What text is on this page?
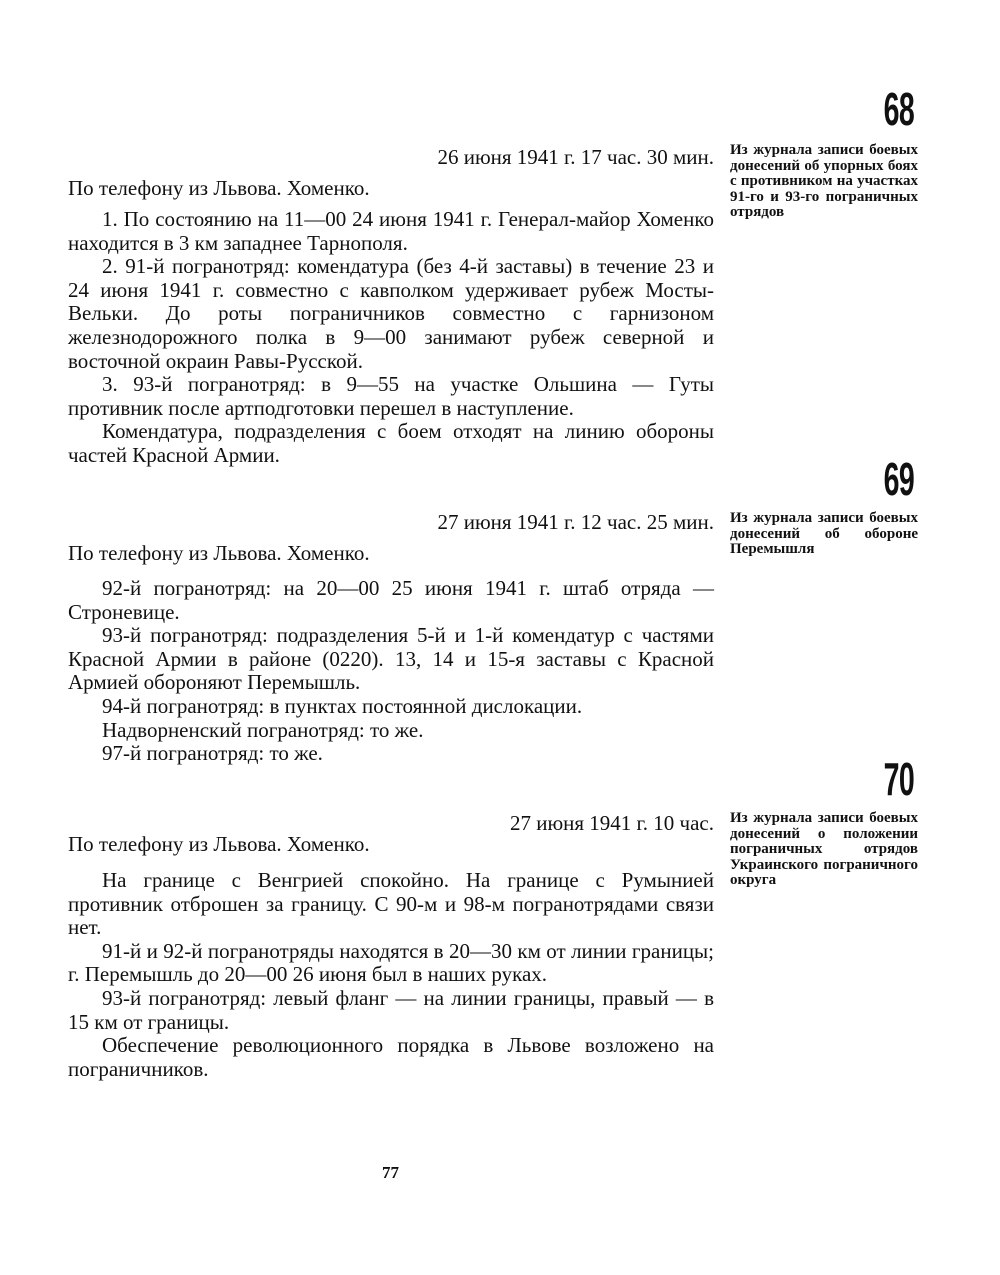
68
26 июня 1941 г. 17 час. 30 мин.
По телефону из Львова. Хоменко.

1. По состоянию на 11—00 24 июня 1941 г. Генерал-майор Хоменко находится в 3 км западнее Тарнополя.

2. 91-й погранотряд: комендатура (без 4-й заставы) в течение 23 и 24 июня 1941 г. совместно с кавполком удерживает рубеж Мосты-Вельки. До роты пограничников совместно с гарнизоном железнодорожного полка в 9—00 занимают рубеж северной и восточной окраин Равы-Русской.

3. 93-й погранотряд: в 9—55 на участке Ольшина — Гуты противник после артподготовки перешел в наступление.

Комендатура, подразделения с боем отходят на линию обороны частей Красной Армии.

Из журнала записи боевых донесений об упорных боях с противником на участках 91-го и 93-го пограничных отрядов
69
27 июня 1941 г. 12 час. 25 мин.
По телефону из Львова. Хоменко.

92-й погранотряд: на 20—00 25 июня 1941 г. штаб отряда — Строневице.

93-й погранотряд: подразделения 5-й и 1-й комендатур с частями Красной Армии в районе (0220). 13, 14 и 15-я заставы с Красной Армией обороняют Перемышль.

94-й погранотряд: в пунктах постоянной дислокации.

Надворненский погранотряд: то же.

97-й погранотряд: то же.

Из журнала записи боевых донесений об обороне Перемышля
70
27 июня 1941 г. 10 час.
По телефону из Львова. Хоменко.

На границе с Венгрией спокойно. На границе с Румынией противник отброшен за границу. С 90-м и 98-м погранотрядами связи нет.

91-й и 92-й погранотряды находятся в 20—30 км от линии границы; г. Перемышль до 20—00 26 июня был в наших руках.

93-й погранотряд: левый фланг — на линии границы, правый — в 15 км от границы.

Обеспечение революционного порядка в Львове возложено на пограничников.

Из журнала записи боевых донесений о положении пограничных отрядов Украинского пограничного округа
77
